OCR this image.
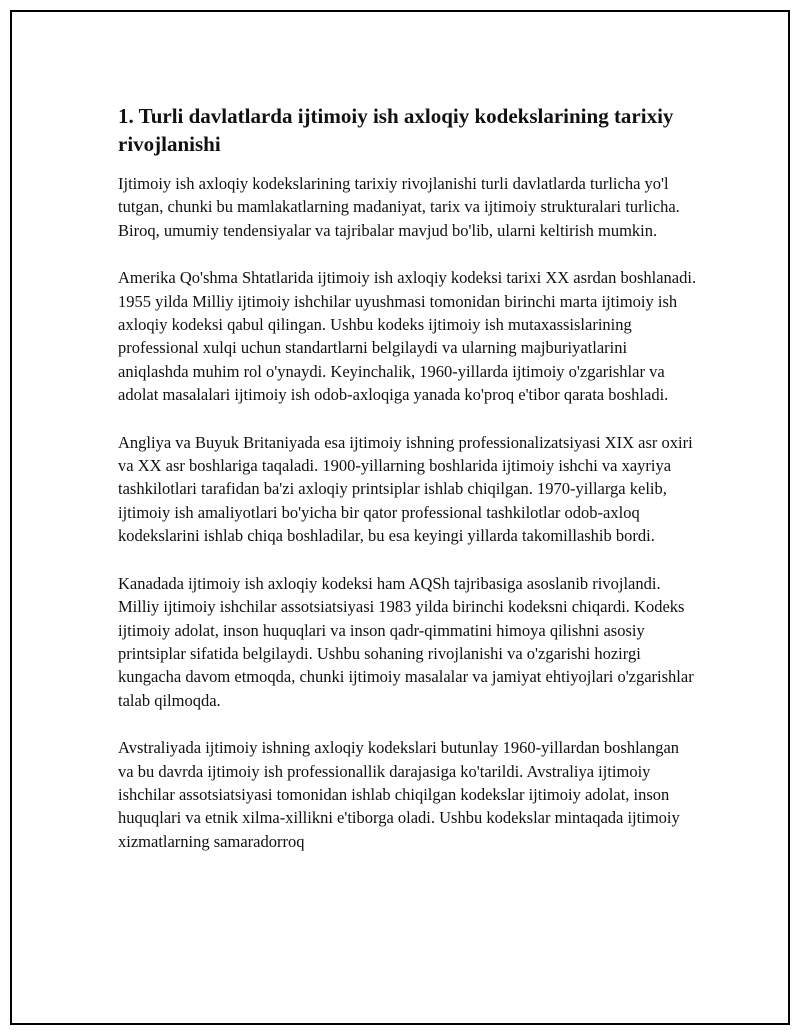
1. Turli davlatlarda ijtimoiy ish axloqiy kodekslarining tarixiy rivojlanishi

Ijtimoiy ish axloqiy kodekslarining tarixiy rivojlanishi turli davlatlarda turlicha yo'l tutgan, chunki bu mamlakatlarning madaniyat, tarix va ijtimoiy strukturalari turlicha. Biroq, umumiy tendensiyalar va tajribalar mavjud bo'lib, ularni keltirish mumkin.

Amerika Qo'shma Shtatlarida ijtimoiy ish axloqiy kodeksi tarixi XX asrdan boshlanadi. 1955 yilda Milliy ijtimoiy ishchilar uyushmasi tomonidan birinchi marta ijtimoiy ish axloqiy kodeksi qabul qilingan. Ushbu kodeks ijtimoiy ish mutaxassislarining professional xulqi uchun standartlarni belgilaydi va ularning majburiyatlarini aniqlashda muhim rol o'ynaydi. Keyinchalik, 1960-yillarda ijtimoiy o'zgarishlar va adolat masalalari ijtimoiy ish odob-axloqiga yanada ko'proq e'tibor qarata boshladi.

Angliya va Buyuk Britaniyada esa ijtimoiy ishning professionalizatsiyasi XIX asr oxiri va XX asr boshlariga taqaladi. 1900-yillarning boshlarida ijtimoiy ishchi va xayriya tashkilotlari tarafidan ba'zi axloqiy printsiplar ishlab chiqilgan. 1970-yillarga kelib, ijtimoiy ish amaliyotlari bo'yicha bir qator professional tashkilotlar odob-axloq kodekslarini ishlab chiqa boshladilar, bu esa keyingi yillarda takomillashib bordi.

Kanadada ijtimoiy ish axloqiy kodeksi ham AQSh tajribasiga asoslanib rivojlandi. Milliy ijtimoiy ishchilar assotsiatsiyasi 1983 yilda birinchi kodeksni chiqardi. Kodeks ijtimoiy adolat, inson huquqlari va inson qadr-qimmatini himoya qilishni asosiy printsiplar sifatida belgilaydi. Ushbu sohaning rivojlanishi va o'zgarishi hozirgi kungacha davom etmoqda, chunki ijtimoiy masalalar va jamiyat ehtiyojlari o'zgarishlar talab qilmoqda.

Avstraliyada ijtimoiy ishning axloqiy kodekslari butunlay 1960-yillardan boshlangan va bu davrda ijtimoiy ish professionallik darajasiga ko'tarildi. Avstraliya ijtimoiy ishchilar assotsiatsiyasi tomonidan ishlab chiqilgan kodekslar ijtimoiy adolat, inson huquqlari va etnik xilma-xillikni e'tiborga oladi. Ushbu kodekslar mintaqada ijtimoiy xizmatlarning samaradorroq
